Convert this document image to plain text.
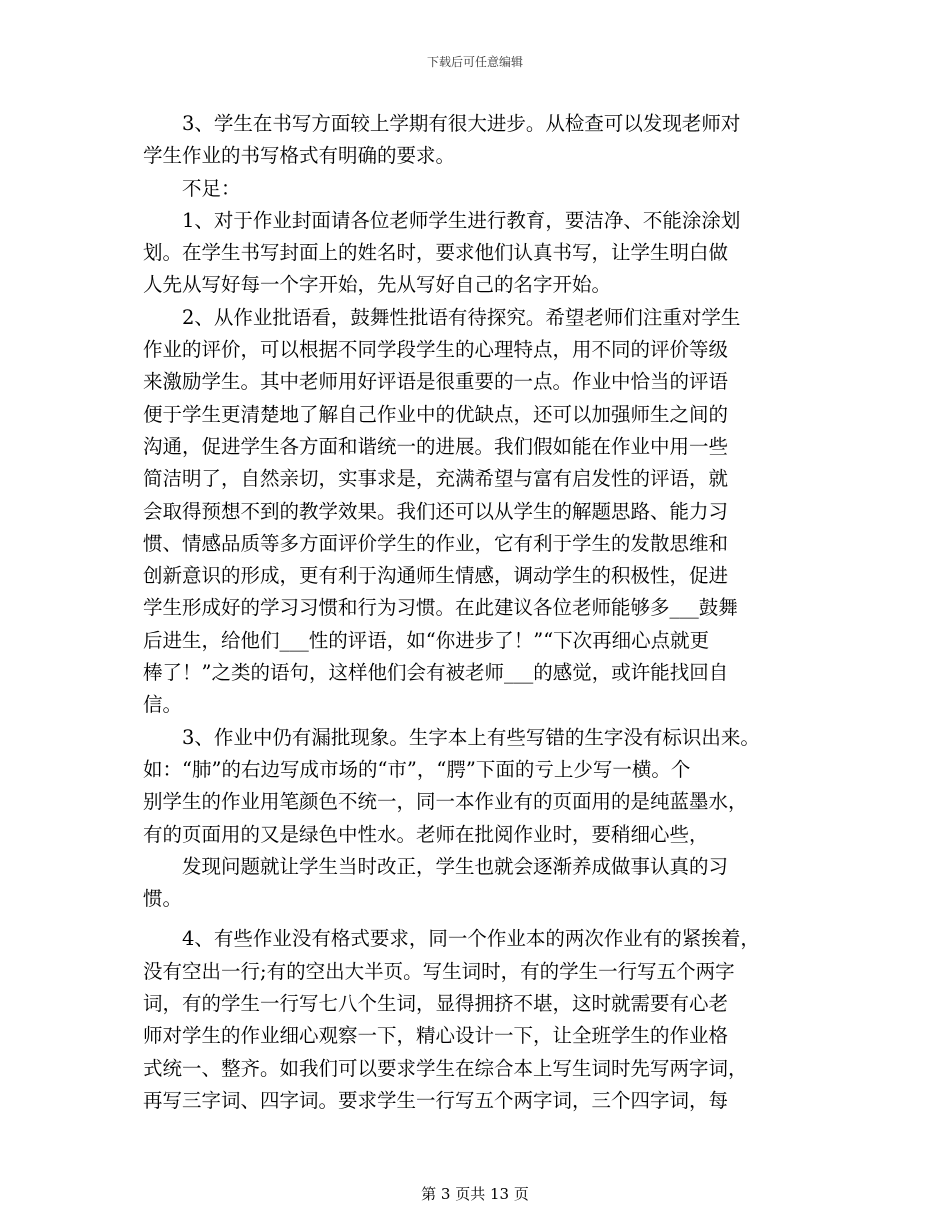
下载后可任意编辑
　　3、学生在书写方面较上学期有很大进步。从检查可以发现老师对
学生作业的书写格式有明确的要求。
　　不足：
　　1、对于作业封面请各位老师学生进行教育，要洁净、不能涂涂划
划。在学生书写封面上的姓名时，要求他们认真书写，让学生明白做
人先从写好每一个字开始，先从写好自己的名字开始。
　　2、从作业批语看，鼓舞性批语有待探究。希望老师们注重对学生
作业的评价，可以根据不同学段学生的心理特点，用不同的评价等级
来激励学生。其中老师用好评语是很重要的一点。作业中恰当的评语
便于学生更清楚地了解自己作业中的优缺点，还可以加强师生之间的
沟通，促进学生各方面和谐统一的进展。我们假如能在作业中用一些
简洁明了，自然亲切，实事求是，充满希望与富有启发性的评语，就
会取得预想不到的教学效果。我们还可以从学生的解题思路、能力习
惯、情感品质等多方面评价学生的作业，它有利于学生的发散思维和
创新意识的形成，更有利于沟通师生情感，调动学生的积极性，促进
学生形成好的学习习惯和行为习惯。在此建议各位老师能够多___鼓舞
后进生，给他们___性的评语，如“你进步了！”“下次再细心点就更
棒了！”之类的语句，这样他们会有被老师___的感觉，或许能找回自
信。
　　3、作业中仍有漏批现象。生字本上有些写错的生字没有标识出来。
如：“肺”的右边写成市场的“市”，“腭”下面的亏上少写一横。个
别学生的作业用笔颜色不统一，同一本作业有的页面用的是纯蓝墨水，
有的页面用的又是绿色中性水。老师在批阅作业时，要稍细心些，
　　发现问题就让学生当时改正，学生也就会逐渐养成做事认真的习
惯。
　　4、有些作业没有格式要求，同一个作业本的两次作业有的紧挨着，
没有空出一行;有的空出大半页。写生词时，有的学生一行写五个两字
词，有的学生一行写七八个生词，显得拥挤不堪，这时就需要有心老
师对学生的作业细心观察一下，精心设计一下，让全班学生的作业格
式统一、整齐。如我们可以要求学生在综合本上写生词时先写两字词，
再写三字词、四字词。要求学生一行写五个两字词，三个四字词，每
第 3 页共 13 页
